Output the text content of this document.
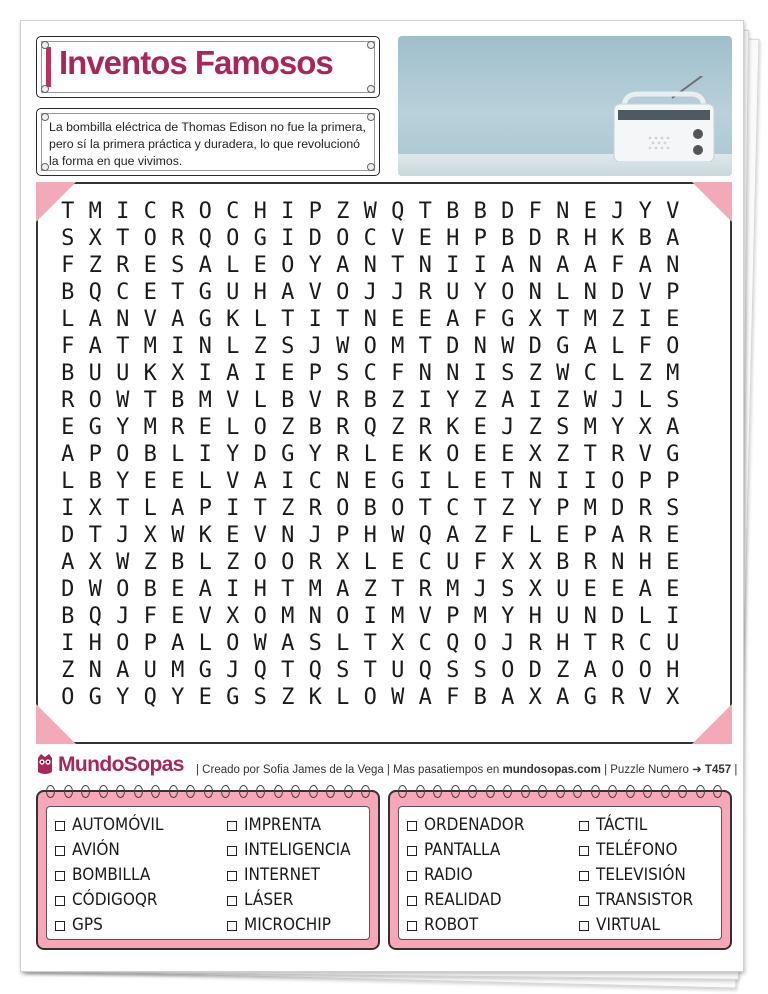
Inventos Famosos
La bombilla eléctrica de Thomas Edison no fue la primera, pero sí la primera práctica y duradera, lo que revolucionó la forma en que vivimos.
T M I C R O C H I P Z W Q T B B D F N E J Y V
S X T O R Q O G I D O C V E H P B D R H K B A
F Z R E S A L E O Y A N T N I I A N A A F A N
B Q C E T G U H A V O J J R U Y O N L N D V P
L A N V A G K L T I T N E E A F G X T M Z I E
F A T M I N L Z S J W O M T D N W D G A L F O
B U U K X I A I E P S C F N N I S Z W C L Z M
R O W T B M V L B V R B Z I Y Z A I Z W J L S
E G Y M R E L O Z B R Q Z R K E J Z S M Y X A
A P O B L I Y D G Y R L E K O E E X Z T R V G
L B Y E E L V A I C N E G I L E T N I I O P P
I X T L A P I T Z R O B O T C T Z Y P M D R S
D T J X W K E V N J P H W Q A Z F L E P A R E
A X W Z B L Z O O R X L E C U F X X B R N H E
D W O B E A I H T M A Z T R M J S X U E E A E
B Q J F E V X O M N O I M V P M Y H U N D L I
I H O P A L O W A S L T X C Q O J R H T R C U
Z N A U M G J Q T Q S T U Q S S O D Z A O O H
O G Y Q Y E G S Z K L O W A F B A X A G R V X
MundoSopas | Creado por Sofia James de la Vega | Mas pasatiempos en mundosopas.com | Puzzle Numero ➜ T457 |
AUTOMÓVIL
AVIÓN
BOMBILLA
CÓDIGOQR
GPS
IMPRENTA
INTELIGENCIA
INTERNET
LÁSER
MICROCHIP
ORDENADOR
PANTALLA
RADIO
REALIDAD
ROBOT
TÁCTIL
TELÉFONO
TELEVISIÓN
TRANSISTOR
VIRTUAL
